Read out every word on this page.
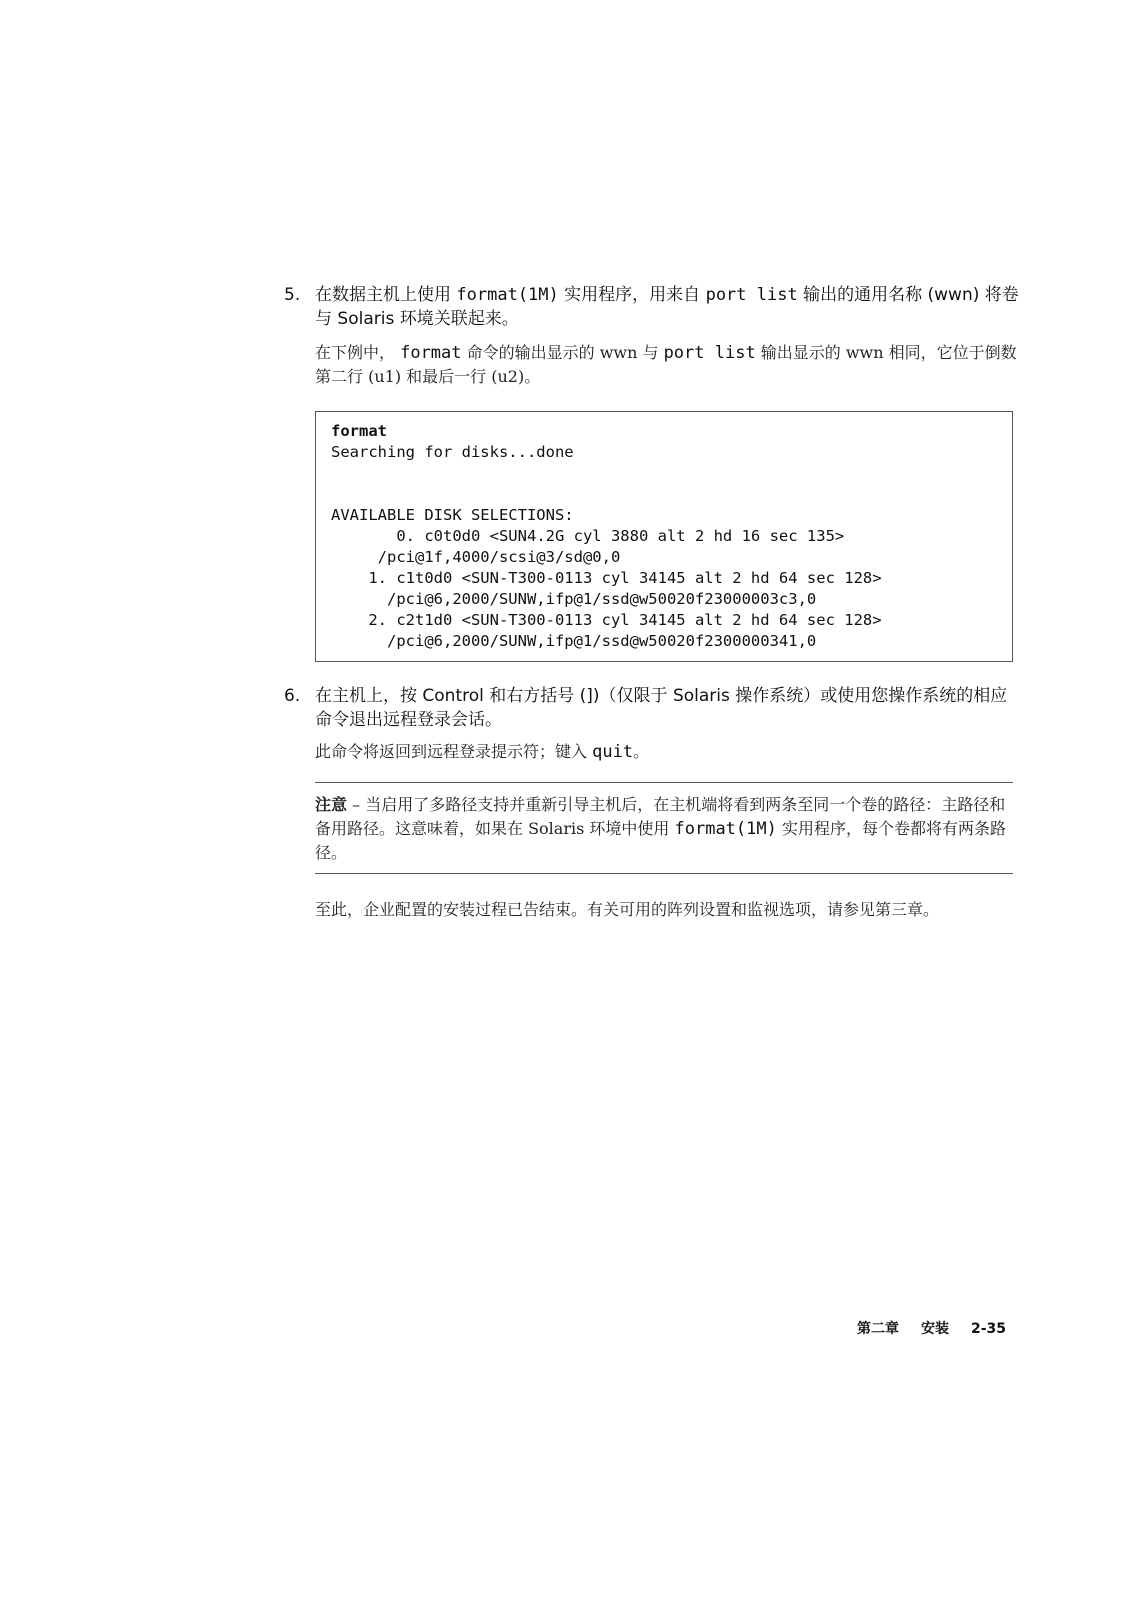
5. 在数据主机上使用 format(1M) 实用程序，用来自 port list 输出的通用名称 (wwn) 将卷与 Solaris 环境关联起来。
在下例中， format 命令的输出显示的 wwn 与 port list 输出显示的 wwn 相同，它位于倒数第二行 (u1) 和最后一行 (u2)。
format
Searching for disks...done
AVAILABLE DISK SELECTIONS:
0. c0t0d0 <SUN4.2G cyl 3880 alt 2 hd 16 sec 135>
/pci@1f,4000/scsi@3/sd@0,0
1. c1t0d0 <SUN-T300-0113 cyl 34145 alt 2 hd 64 sec 128>
/pci@6,2000/SUNW,ifp@1/ssd@w50020f23000003c3,0
2. c2t1d0 <SUN-T300-0113 cyl 34145 alt 2 hd 64 sec 128>
/pci@6,2000/SUNW,ifp@1/ssd@w50020f2300000341,0
6. 在主机上，按 Control 和右方括号 (])（仅限于 Solaris 操作系统）或使用您操作系统的相应命令退出远程登录会话。
此命令将返回到远程登录提示符；键入 quit。
注意 – 当启用了多路径支持并重新引导主机后，在主机端将看到两条至同一个卷的路径：主路径和备用路径。这意味着，如果在 Solaris 环境中使用 format(1M) 实用程序，每个卷都将有两条路径。
至此，企业配置的安装过程已告结束。有关可用的阵列设置和监视选项，请参见第三章。
第二章 安装 2-35
